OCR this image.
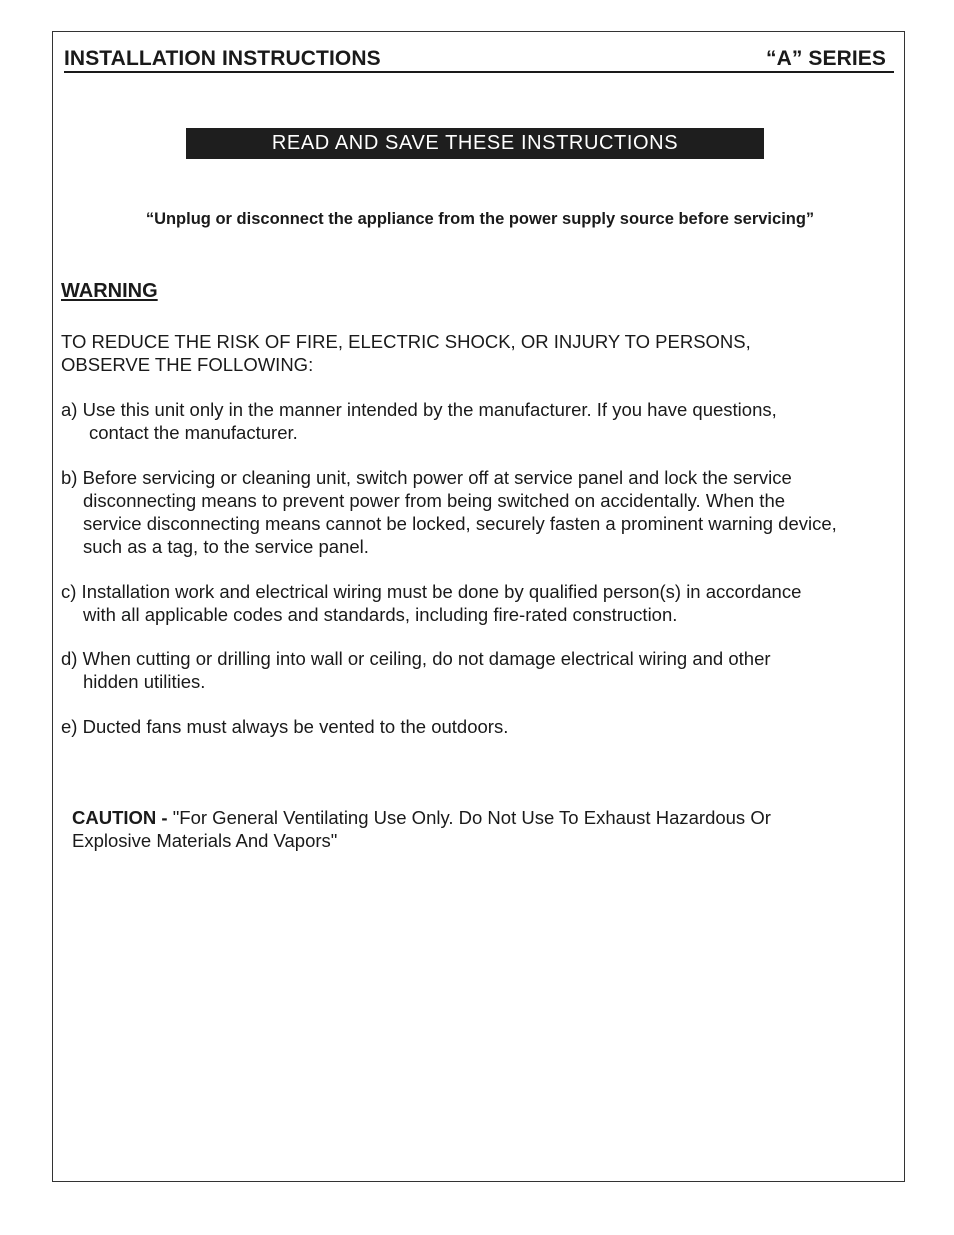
INSTALLATION INSTRUCTIONS	“A” SERIES
READ AND SAVE THESE INSTRUCTIONS
“Unplug or disconnect the appliance from the power supply source before servicing”
WARNING
TO REDUCE THE RISK OF FIRE, ELECTRIC SHOCK, OR INJURY TO PERSONS,
OBSERVE THE FOLLOWING:
a) Use this unit only in the manner intended by the manufacturer. If you have questions,
contact the manufacturer.
b) Before servicing or cleaning unit, switch power off at service panel and lock the service
disconnecting means to prevent power from being switched on accidentally. When the
service disconnecting means cannot be locked, securely fasten a prominent warning device,
such as a tag, to the service panel.
c) Installation work and electrical wiring must be done by qualified person(s) in accordance
with all applicable codes and standards, including fire-rated construction.
d) When cutting or drilling into wall or ceiling, do not damage electrical wiring and other
hidden utilities.
e) Ducted fans must always be vented to the outdoors.
CAUTION - "For General Ventilating Use Only. Do Not Use To Exhaust Hazardous Or
Explosive Materials And Vapors"
